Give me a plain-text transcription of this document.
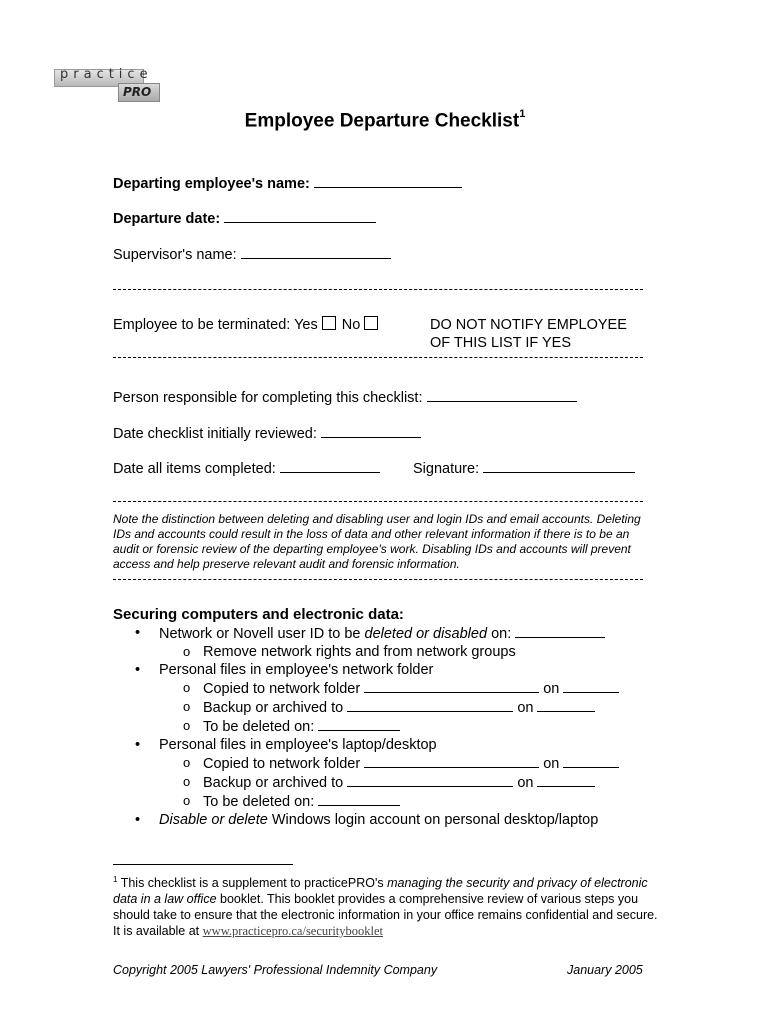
practice
PRO
Employee Departure Checklist$^1$
Departing employee's name:
Departure date:
Supervisor's name:
Employee to be terminated: Yes No	DO NOT NOTIFY EMPLOYEE
OF THIS LIST IF YES
Person responsible for completing this checklist:
Date checklist initially reviewed:
Date all items completed:	Signature:
Note the distinction between deleting and disabling user and login IDs and email accounts. Deleting IDs and accounts could result in the loss of data and other relevant information if there is to be an audit or forensic review of the departing employee's work. Disabling IDs and accounts will prevent access and help preserve relevant audit and forensic information.
Securing computers and electronic data:
• Network or Novell user ID to be deleted or disabled on:
o Remove network rights and from network groups
• Personal files in employee's network folder
o Copied to network folder	on
o Backup or archived to	on
o To be deleted on:
• Personal files in employee's laptop/desktop
o Copied to network folder	on
o Backup or archived to	on
o To be deleted on:
• Disable or delete Windows login account on personal desktop/laptop
$^1$ This checklist is a supplement to practicePRO's managing the security and privacy of electronic data in a law office booklet. This booklet provides a comprehensive review of various steps you should take to ensure that the electronic information in your office remains confidential and secure. It is available at www.practicepro.ca/securitybooklet
Copyright 2005 Lawyers' Professional Indemnity Company	January 2005
